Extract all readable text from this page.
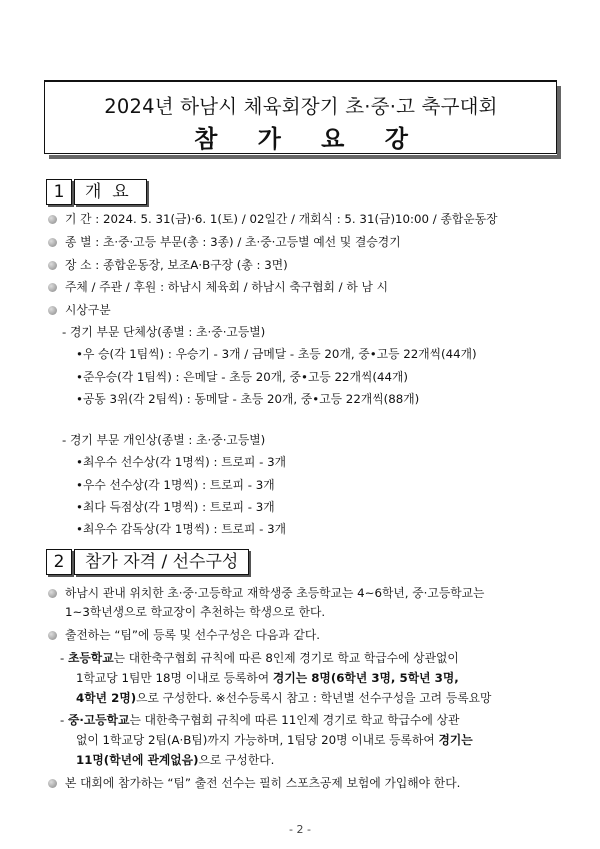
2024년 하남시 체육회장기 초·중·고 축구대회
참 가 요 강
1	개  요
기 간 : 2024. 5. 31(금)·6. 1(토) / 02일간 / 개회식 : 5. 31(금)10:00 / 종합운동장
종 별 : 초·중·고등 부문(총 : 3종) / 초·중·고등별 예선 및 결승경기
장 소 : 종합운동장, 보조A·B구장 (총 : 3면)
주체 / 주관 / 후원 : 하남시 체육회 / 하남시 축구협회 / 하 남 시
시상구분
- 경기 부문 단체상(종별 : 초·중·고등별)
•우 승(각 1팀씩) : 우승기 - 3개 / 금메달 - 초등 20개, 중•고등 22개씩(44개)
•준우승(각 1팀씩) : 은메달 - 초등 20개, 중•고등 22개씩(44개)
•공동 3위(각 2팀씩) : 동메달 - 초등 20개, 중•고등 22개씩(88개)
- 경기 부문 개인상(종별 : 초·중·고등별)
•최우수 선수상(각 1명씩) : 트로피 - 3개
•우수 선수상(각 1명씩) : 트로피 - 3개
•최다 득점상(각 1명씩) : 트로피 - 3개
•최우수 감독상(각 1명씩) : 트로피 - 3개
2	참가 자격 / 선수구성
하남시 관내 위치한 초·중·고등학교 재학생중 초등학교는 4~6학년, 중·고등학교는
1~3학년생으로 학교장이 추천하는 학생으로 한다.
출전하는 “팀”에 등록 및 선수구성은 다음과 같다.
- 초등학교는 대한축구협회 규칙에 따른 8인제 경기로 학교 학급수에 상관없이
1학교당 1팀만 18명 이내로 등록하여 경기는 8명(6학년 3명, 5학년 3명,
4학년 2명)으로 구성한다. ※선수등록시 참고 : 학년별 선수구성을 고려 등록요망
- 중·고등학교는 대한축구협회 규칙에 따른 11인제 경기로 학교 학급수에 상관
없이 1학교당 2팀(A·B팀)까지 가능하며, 1팀당 20명 이내로 등록하여 경기는
11명(학년에 관계없음)으로 구성한다.
본 대회에 참가하는 “팀” 출전 선수는 필히 스포츠공제 보험에 가입해야 한다.
- 2 -
